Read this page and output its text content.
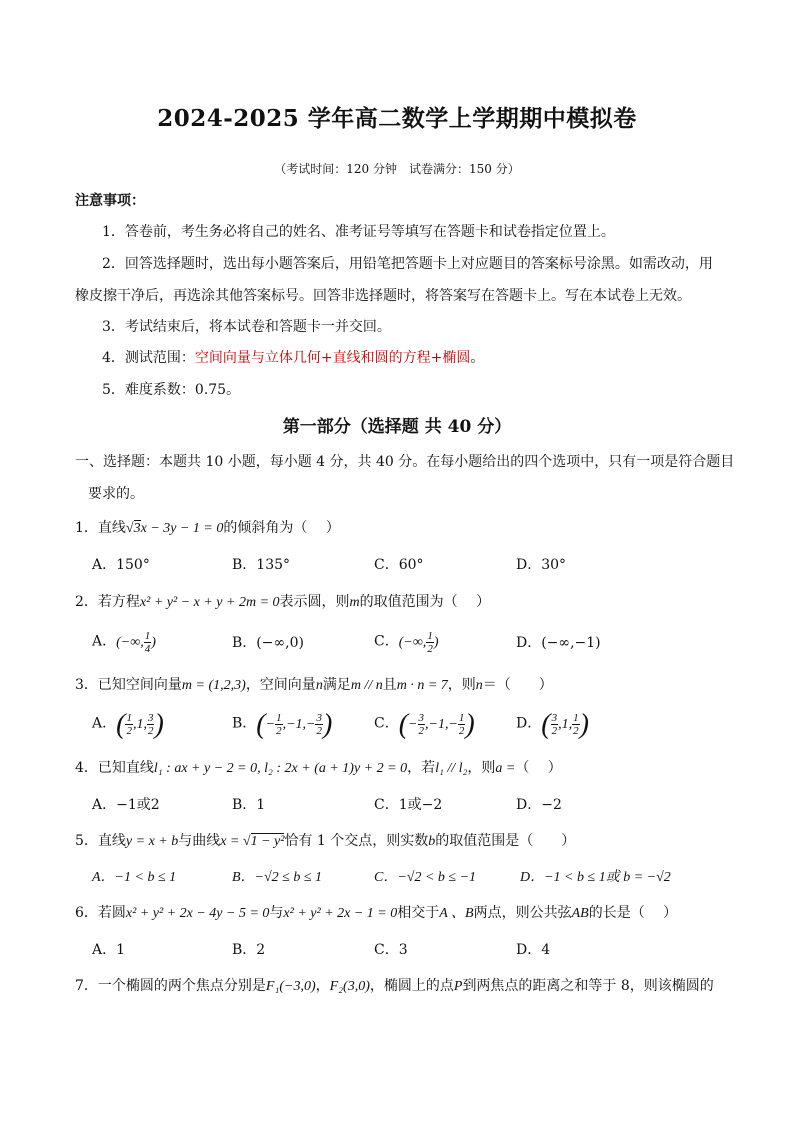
2024-2025 学年高二数学上学期期中模拟卷
（考试时间：120 分钟　试卷满分：150 分）
注意事项：
1．答卷前，考生务必将自己的姓名、准考证号等填写在答题卡和试卷指定位置上。
2．回答选择题时，选出每小题答案后，用铅笔把答题卡上对应题目的答案标号涂黑。如需改动，用
橡皮擦干净后，再选涂其他答案标号。回答非选择题时，将答案写在答题卡上。写在本试卷上无效。
3．考试结束后，将本试卷和答题卡一并交回。
4．测试范围：空间向量与立体几何+直线和圆的方程+椭圆。
5．难度系数：0.75。
第一部分（选择题 共 40 分）
一、选择题：本题共 10 小题，每小题 4 分，共 40 分。在每小题给出的四个选项中，只有一项是符合题目
要求的。
1．直线√3x − 3y − 1 = 0的倾斜角为（　 ）
A．150°	B．135°	C．60°	D．30°
2．若方程x² + y² − x + y + 2m = 0表示圆，则m的取值范围为（　 ）
A．(−∞, $\frac{1}{4}$ )	B．(−∞,0)	C．(−∞, $\frac{1}{2}$ )	D．(−∞,−1)
3．已知空间向量m = (1,2,3)，空间向量n满足m // n且m · n = 7，则n＝（　　）
A．( $\frac{1}{2} ,1$, $\frac{3}{2}$ )	B．(− $\frac{1}{2} ,-1,- \frac{3}{2}$ )	C．(− $\frac{3}{2} ,-1,- \frac{1}{2}$ )	D．( $\frac{3}{2} ,1$, $\frac{1}{2}$ )
4．已知直线l₁ : ax + y − 2 = 0, l₂ : 2x + (a + 1)y + 2 = 0，若l₁ // l₂，则a =（　 ）
A．−1或2	B．1	C．1或−2	D．−2
5．直线y = x + b与曲线x = √1 − y²恰有 1 个交点，则实数b的取值范围是（　　）
A．−1 < b ≤ 1	B．−√2 ≤ b ≤ 1	C．−√2 < b ≤ −1	D．−1 < b ≤ 1或 b = −√2
6．若圆x² + y² + 2x − 4y − 5 = 0与x² + y² + 2x − 1 = 0相交于A 、B两点，则公共弦AB的长是（　 ）
A．1	B．2	C．3	D．4
7．一个椭圆的两个焦点分别是F₁(−3,0)，F₂(3,0)，椭圆上的点P到两焦点的距离之和等于 8，则该椭圆的
